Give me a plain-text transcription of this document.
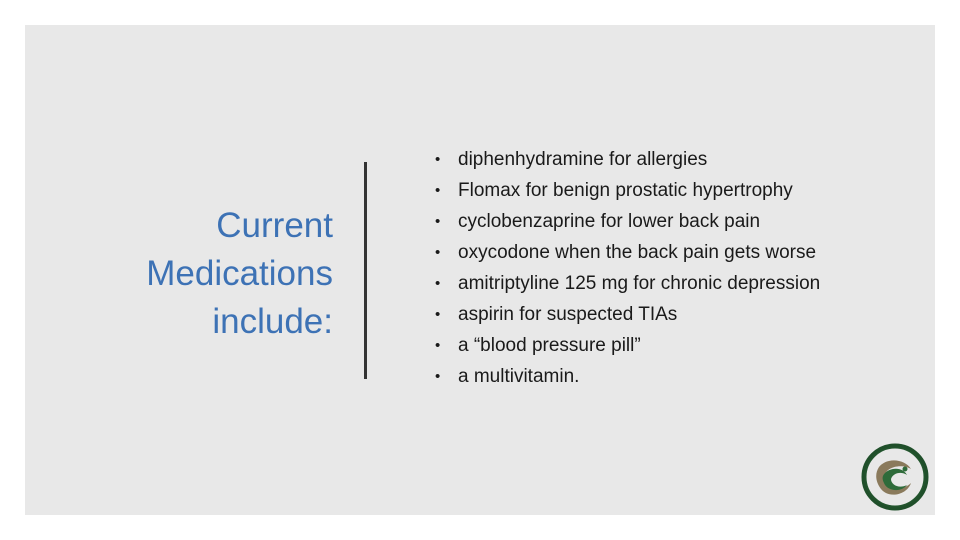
Current
Medications
include:
• diphenhydramine for allergies
• Flomax for benign prostatic hypertrophy
• cyclobenzaprine for lower back pain
• oxycodone when the back pain gets worse
• amitriptyline 125 mg for chronic depression
• aspirin for suspected TIAs
• a “blood pressure pill”
• a multivitamin.
